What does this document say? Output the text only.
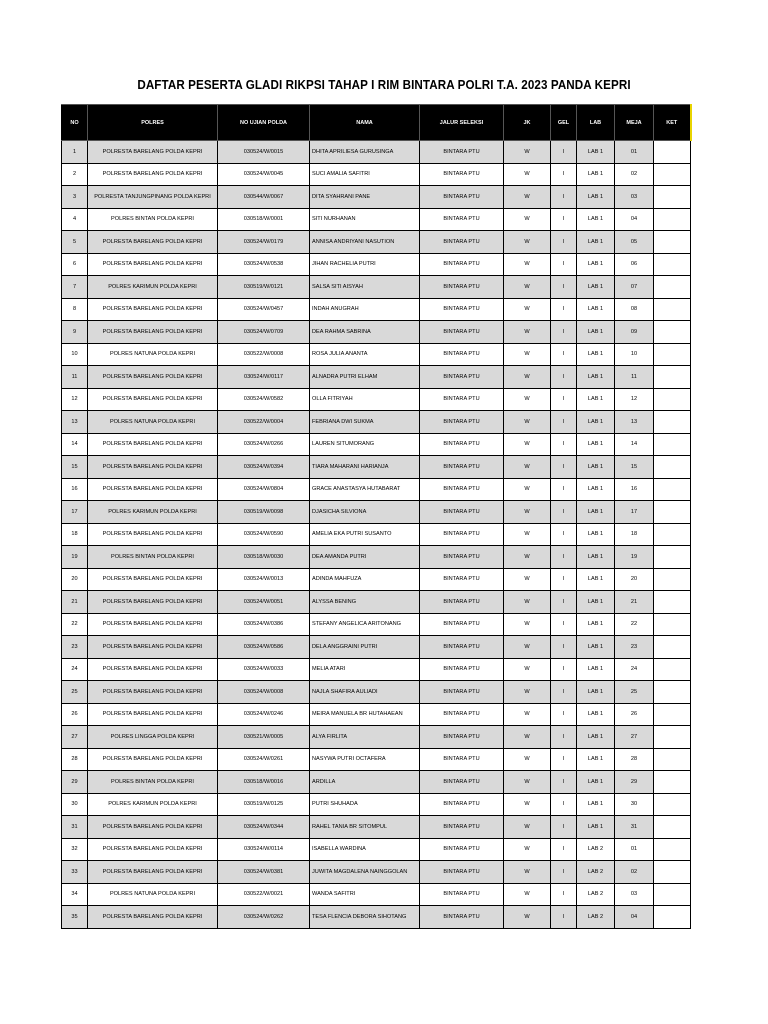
DAFTAR PESERTA GLADI RIKPSI TAHAP I RIM BINTARA POLRI T.A. 2023 PANDA KEPRI
NO	POLRES	NO UJIAN POLDA	NAMA	JALUR SELEKSI	JK	GEL	LAB	MEJA	KET
1	POLRESTA BARELANG POLDA KEPRI	030524/W/0015	DHITA APRILIESA GURUSINGA	BINTARA PTU	W	I	LAB 1	01	
2	POLRESTA BARELANG POLDA KEPRI	030524/W/0045	SUCI AMALIA SAFITRI	BINTARA PTU	W	I	LAB 1	02	
3	POLRESTA TANJUNGPINANG POLDA KEPRI	030544/W/0067	DITA SYAHRANI PANE	BINTARA PTU	W	I	LAB 1	03	
4	POLRES BINTAN POLDA KEPRI	030518/W/0001	SITI NURHANAN	BINTARA PTU	W	I	LAB 1	04	
5	POLRESTA BARELANG POLDA KEPRI	030524/W/0179	ANNISA ANDRIYANI NASUTION	BINTARA PTU	W	I	LAB 1	05	
6	POLRESTA BARELANG POLDA KEPRI	030524/W/0538	JIHAN RACHELIA PUTRI	BINTARA PTU	W	I	LAB 1	06	
7	POLRES KARIMUN POLDA KEPRI	030519/W/0121	SALSA SITI AISYAH	BINTARA PTU	W	I	LAB 1	07	
8	POLRESTA BARELANG POLDA KEPRI	030524/W/0457	INDAH ANUGRAH	BINTARA PTU	W	I	LAB 1	08	
9	POLRESTA BARELANG POLDA KEPRI	030524/W/0709	DEA RAHMA SABRINA	BINTARA PTU	W	I	LAB 1	09	
10	POLRES NATUNA POLDA KEPRI	030522/W/0008	ROSA JULIA ANANTA	BINTARA PTU	W	I	LAB 1	10	
11	POLRESTA BARELANG POLDA KEPRI	030524/W/0117	ALNADRA PUTRI ELHAM	BINTARA PTU	W	I	LAB 1	11	
12	POLRESTA BARELANG POLDA KEPRI	030524/W/0582	OLLA FITRIYAH	BINTARA PTU	W	I	LAB 1	12	
13	POLRES NATUNA POLDA KEPRI	030522/W/0004	FEBRIANA DWI SUKMA	BINTARA PTU	W	I	LAB 1	13	
14	POLRESTA BARELANG POLDA KEPRI	030524/W/0266	LAUREN SITUMORANG	BINTARA PTU	W	I	LAB 1	14	
15	POLRESTA BARELANG POLDA KEPRI	030524/W/0394	TIARA MAHARANI HARIANJA	BINTARA PTU	W	I	LAB 1	15	
16	POLRESTA BARELANG POLDA KEPRI	030524/W/0804	GRACE ANASTASYA HUTABARAT	BINTARA PTU	W	I	LAB 1	16	
17	POLRES KARIMUN POLDA KEPRI	030519/W/0098	DJASICHA SILVIONA	BINTARA PTU	W	I	LAB 1	17	
18	POLRESTA BARELANG POLDA KEPRI	030524/W/0590	AMELIA EKA PUTRI SUSANTO	BINTARA PTU	W	I	LAB 1	18	
19	POLRES BINTAN POLDA KEPRI	030518/W/0030	DEA AMANDA PUTRI	BINTARA PTU	W	I	LAB 1	19	
20	POLRESTA BARELANG POLDA KEPRI	030524/W/0013	ADINDA MAHFUZA	BINTARA PTU	W	I	LAB 1	20	
21	POLRESTA BARELANG POLDA KEPRI	030524/W/0051	ALYSSA BENING	BINTARA PTU	W	I	LAB 1	21	
22	POLRESTA BARELANG POLDA KEPRI	030524/W/0386	STEFANY ANGELICA ARITONANG	BINTARA PTU	W	I	LAB 1	22	
23	POLRESTA BARELANG POLDA KEPRI	030524/W/0586	DELA ANGGRAINI PUTRI	BINTARA PTU	W	I	LAB 1	23	
24	POLRESTA BARELANG POLDA KEPRI	030524/W/0033	MELIA ATARI	BINTARA PTU	W	I	LAB 1	24	
25	POLRESTA BARELANG POLDA KEPRI	030524/W/0008	NAJLA SHAFIRA AULIADI	BINTARA PTU	W	I	LAB 1	25	
26	POLRESTA BARELANG POLDA KEPRI	030524/W/0246	MEIRA MANUELA BR HUTAHAEAN	BINTARA PTU	W	I	LAB 1	26	
27	POLRES LINGGA POLDA KEPRI	030521/W/0005	ALYA FIRLITA	BINTARA PTU	W	I	LAB 1	27	
28	POLRESTA BARELANG POLDA KEPRI	030524/W/0261	NASYWA PUTRI OCTAFERA	BINTARA PTU	W	I	LAB 1	28	
29	POLRES BINTAN POLDA KEPRI	030518/W/0016	ARDILLA	BINTARA PTU	W	I	LAB 1	29	
30	POLRES KARIMUN POLDA KEPRI	030519/W/0125	PUTRI SHUHADA	BINTARA PTU	W	I	LAB 1	30	
31	POLRESTA BARELANG POLDA KEPRI	030524/W/0344	RAHEL TANIA BR SITOMPUL	BINTARA PTU	W	I	LAB 1	31	
32	POLRESTA BARELANG POLDA KEPRI	030524/W/0114	ISABELLA WARDINA	BINTARA PTU	W	I	LAB 2	01	
33	POLRESTA BARELANG POLDA KEPRI	030524/W/0381	JUWITA MAGDALENA NAINGGOLAN	BINTARA PTU	W	I	LAB 2	02	
34	POLRES NATUNA POLDA KEPRI	030522/W/0021	WANDA SAFITRI	BINTARA PTU	W	I	LAB 2	03	
35	POLRESTA BARELANG POLDA KEPRI	030524/W/0262	TESA FLENCIA DEBORA SIHOTANG	BINTARA PTU	W	I	LAB 2	04	
